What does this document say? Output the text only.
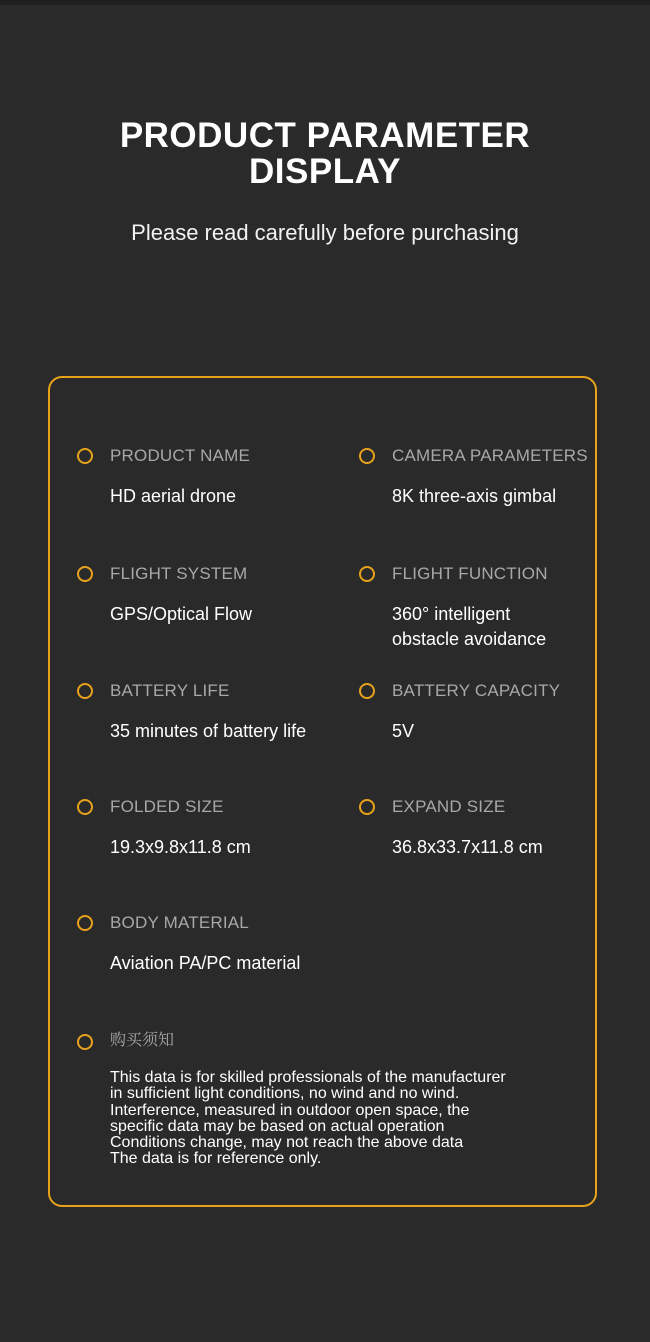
PRODUCT PARAMETER
DISPLAY

Please read carefully before purchasing

PRODUCT NAME
HD aerial drone
CAMERA PARAMETERS
8K three-axis gimbal
FLIGHT SYSTEM
GPS/Optical Flow
FLIGHT FUNCTION
360° intelligent
obstacle avoidance
BATTERY LIFE
35 minutes of battery life
BATTERY CAPACITY
5V
FOLDED SIZE
19.3x9.8x11.8 cm
EXPAND SIZE
36.8x33.7x11.8 cm
BODY MATERIAL
Aviation PA/PC material
购买须知
This data is for skilled professionals of the manufacturer
in sufficient light conditions, no wind and no wind.
Interference, measured in outdoor open space, the
specific data may be based on actual operation
Conditions change, may not reach the above data
The data is for reference only.
